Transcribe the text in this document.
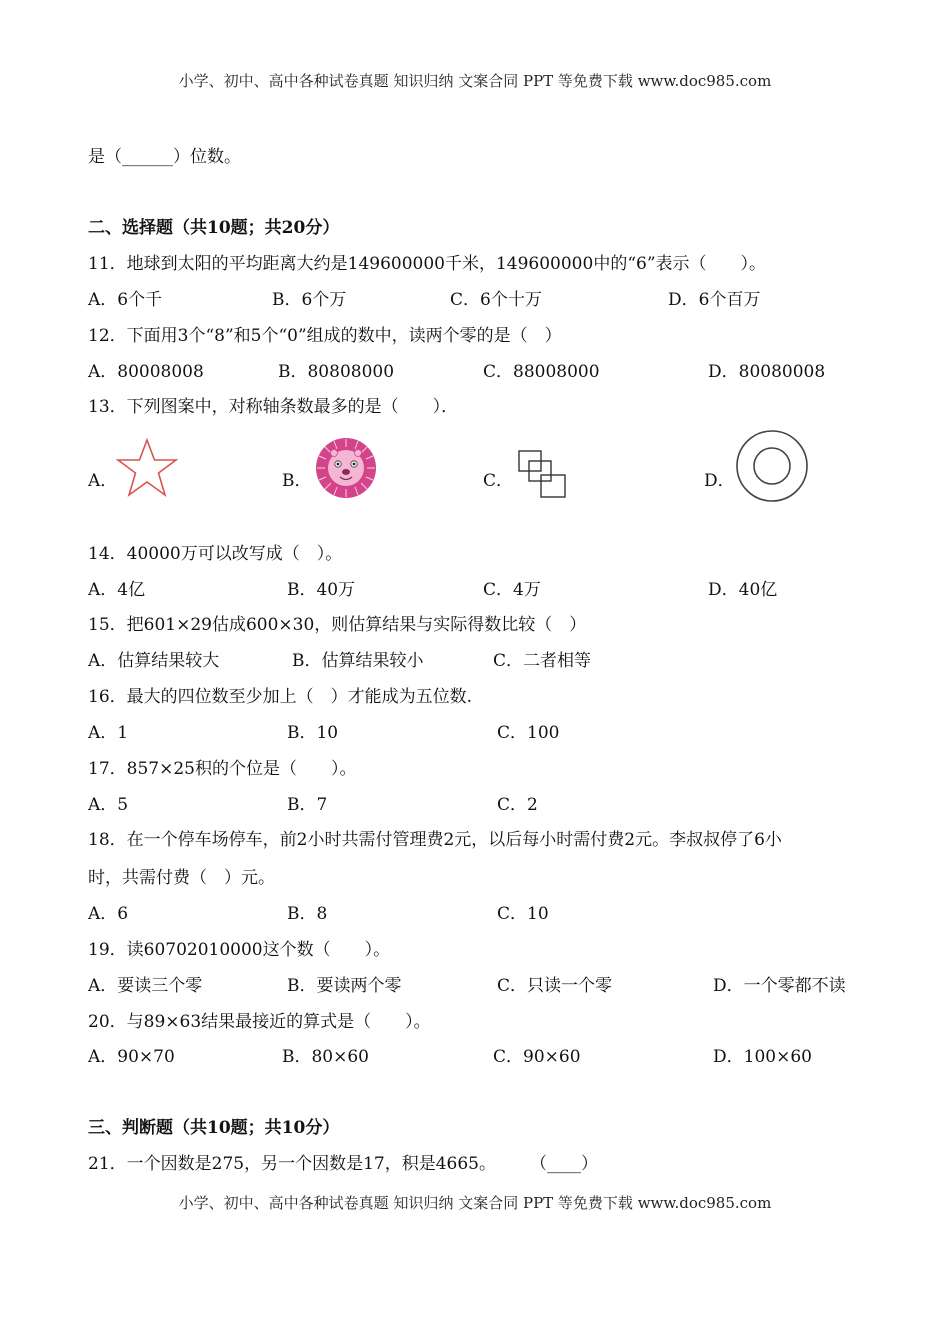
小学、初中、高中各种试卷真题 知识归纳 文案合同 PPT 等免费下载 www.doc985.com
是（______）位数。
二、选择题（共10题；共20分）
11．地球到太阳的平均距离大约是149600000千米，149600000中的“6”表示（　　）。
A．6个千	B．6个万	C．6个十万	D．6个百万
12．下面用3个“8”和5个“0”组成的数中，读两个零的是（　）
A．80008008	B．80808000	C．88008000	D．80080008
13．下列图案中，对称轴条数最多的是（　　）．
A．	B．	C．	D．
14．40000万可以改写成（　）。
A．4亿	B．40万	C．4万	D．40亿
15．把601×29估成600×30，则估算结果与实际得数比较（　）
A．估算结果较大	B．估算结果较小	C．二者相等
16．最大的四位数至少加上（　）才能成为五位数.
A．1	B．10	C．100
17．857×25积的个位是（　　）。
A．5	B．7	C．2
18．在一个停车场停车，前2小时共需付管理费2元，以后每小时需付费2元。李叔叔停了6小
时，共需付费（　）元。
A．6	B．8	C．10
19．读60702010000这个数（　　）。
A．要读三个零	B．要读两个零	C．只读一个零	D．一个零都不读
20．与89×63结果最接近的算式是（　　）。
A．90×70	B．80×60	C．90×60	D．100×60
三、判断题（共10题；共10分）
21．一个因数是275，另一个因数是17，积是4665。　　　（____）
小学、初中、高中各种试卷真题 知识归纳 文案合同 PPT 等免费下载 www.doc985.com
